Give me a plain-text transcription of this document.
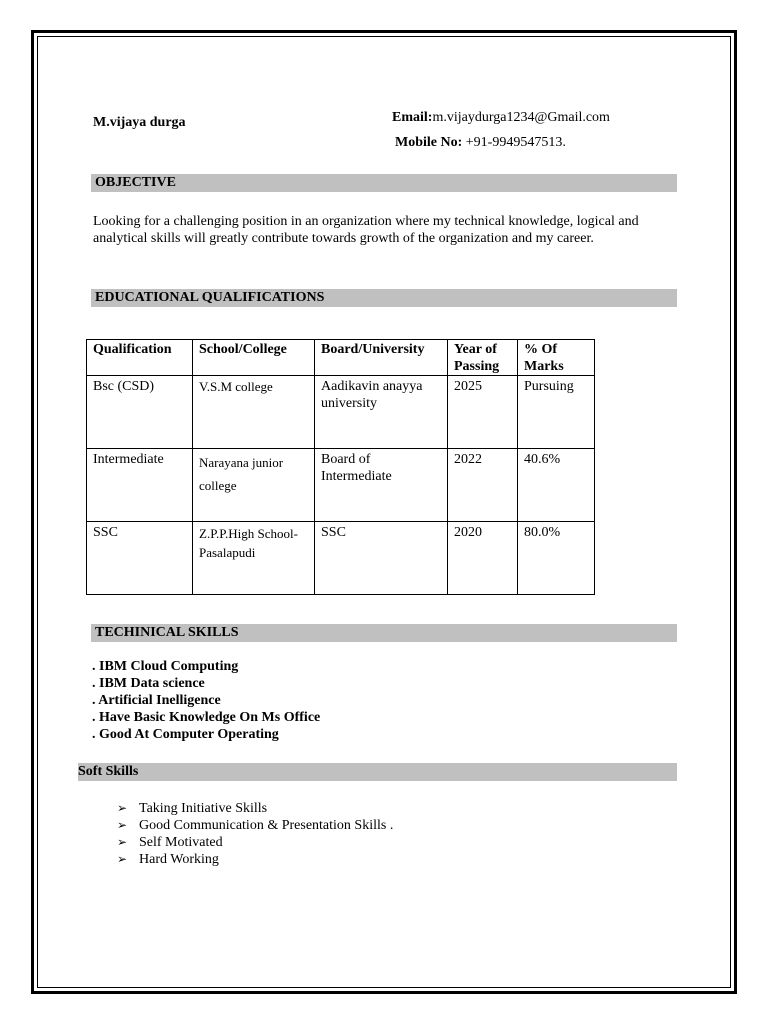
M.vijaya durga	Email:m.vijaydurga1234@Gmail.com
Mobile No: +91-9949547513.
OBJECTIVE
Looking for a challenging position in an organization where my technical knowledge, logical and analytical skills will greatly contribute towards growth of the organization and my career.
EDUCATIONAL QUALIFICATIONS
Qualification	School/College	Board/University	Year of Passing	% Of Marks
Bsc (CSD)	V.S.M college	Aadikavin anayya university	2025	Pursuing
Intermediate	Narayana junior college	Board of Intermediate	2022	40.6%
SSC	Z.P.P.High School-Pasalapudi	SSC	2020	80.0%
TECHINICAL SKILLS
. IBM Cloud Computing
. IBM Data science
. Artificial Inelligence
. Have Basic Knowledge On Ms Office
. Good At Computer Operating
Soft Skills
➢ Taking Initiative Skills
➢ Good Communication & Presentation Skills .
➢ Self Motivated
➢ Hard Working
